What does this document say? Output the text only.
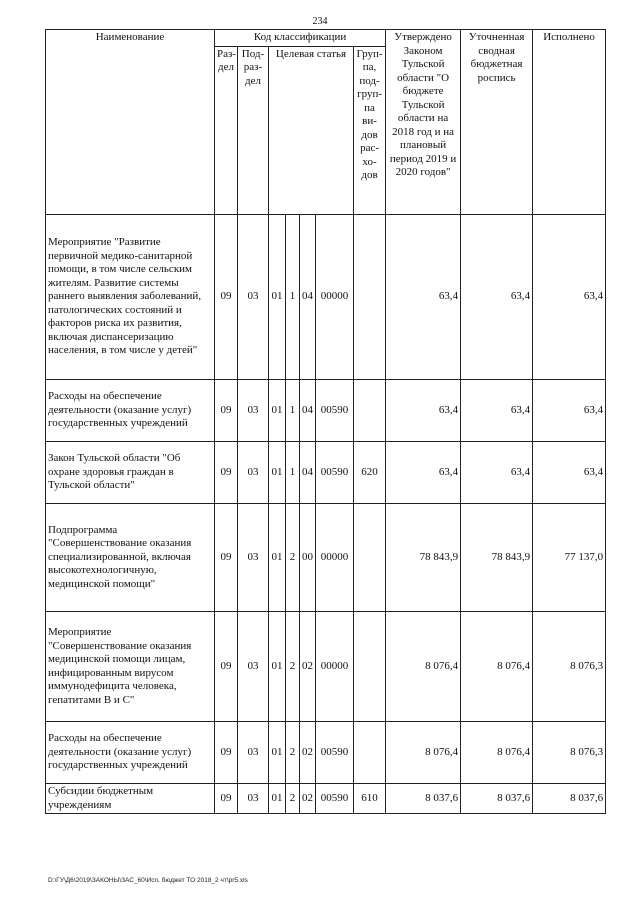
234
Наименование	Код классификации							Утверждено Законом Тульской области "О бюджете Тульской области на 2018 год и на плановый период 2019 и 2020 годов"	Уточненная сводная бюджетная роспись	Исполнено
	Раз-дел	Под-раз-дел	Целевая статья				Груп-па, под-груп-па ви-дов рас-хо-дов			
Мероприятие "Развитие первичной медико-санитарной помощи, в том числе сельским жителям. Развитие системы раннего выявления заболеваний, патологических состояний и факторов риска их развития, включая диспансеризацию населения, в том числе у детей"	09	03	01	1	04	00000		63,4	63,4	63,4
Расходы на обеспечение деятельности (оказание услуг) государственных учреждений	09	03	01	1	04	00590		63,4	63,4	63,4
Закон Тульской области "Об охране здоровья граждан в Тульской области"	09	03	01	1	04	00590	620	63,4	63,4	63,4
Подпрограмма "Совершенствование оказания специализированной, включая высокотехнологичную, медицинской помощи"	09	03	01	2	00	00000		78 843,9	78 843,9	77 137,0
Мероприятие "Совершенствование оказания медицинской помощи лицам, инфицированным вирусом иммунодефицита человека, гепатитами В и С"	09	03	01	2	02	00000		8 076,4	8 076,4	8 076,3
Расходы на обеспечение деятельности (оказание услуг) государственных учреждений	09	03	01	2	02	00590		8 076,4	8 076,4	8 076,3
Субсидии бюджетным учреждениям	09	03	01	2	02	00590	610	8 037,6	8 037,6	8 037,6
D:\ГУ\Д6\2019\ЗАКОНЫ\ЗАС_60\Исп. бюджет ТО 2018_2 чт\pr5.xls
